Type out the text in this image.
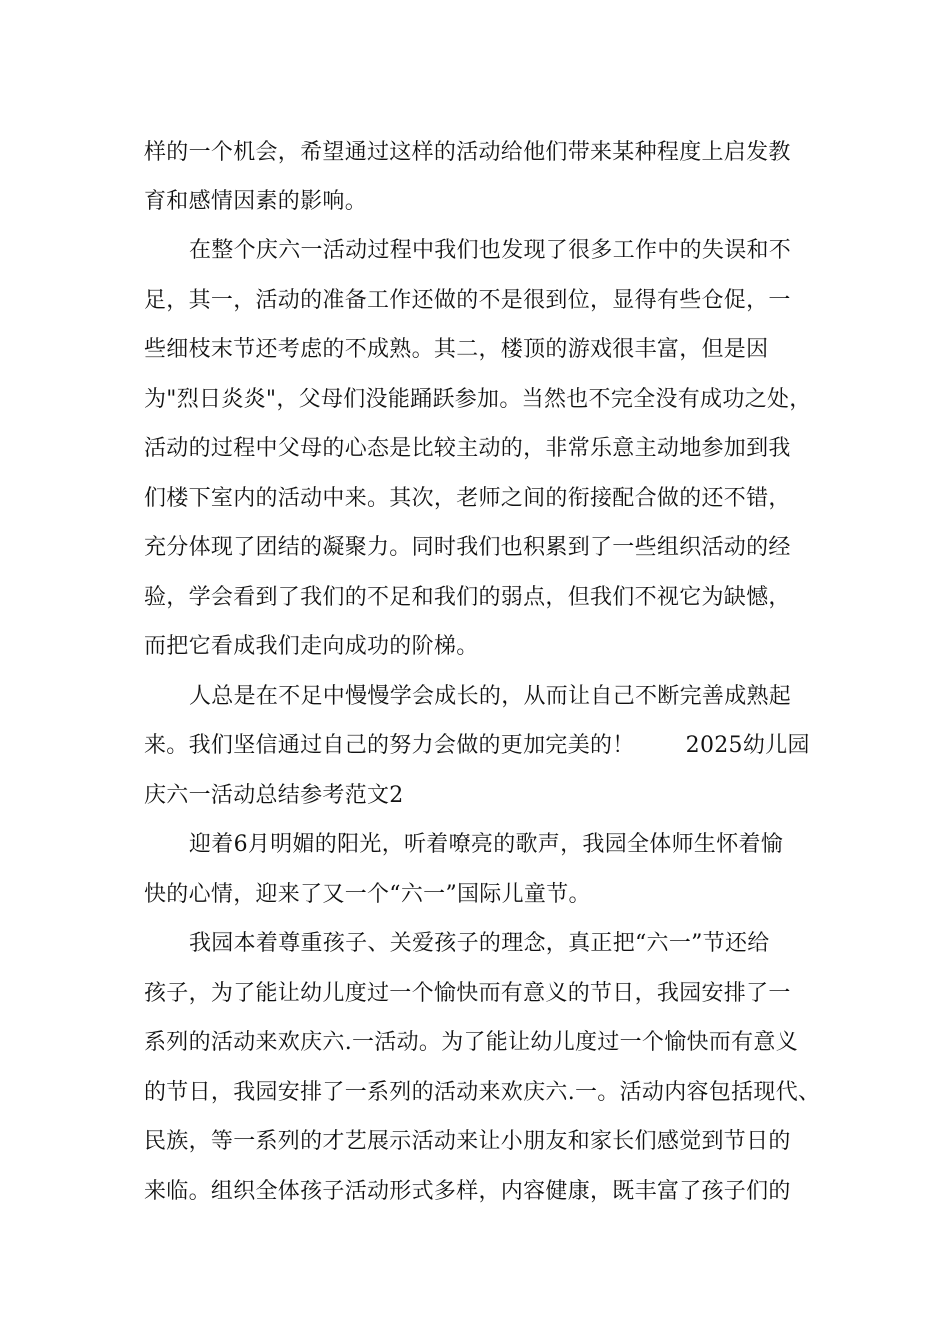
样的一个机会，希望通过这样的活动给他们带来某种程度上启发教
育和感情因素的影响。
在整个庆六一活动过程中我们也发现了很多工作中的失误和不
足，其一，活动的准备工作还做的不是很到位，显得有些仓促，一
些细枝末节还考虑的不成熟。其二，楼顶的游戏很丰富，但是因
为"烈日炎炎"，父母们没能踊跃参加。当然也不完全没有成功之处，
活动的过程中父母的心态是比较主动的，非常乐意主动地参加到我
们楼下室内的活动中来。其次，老师之间的衔接配合做的还不错，
充分体现了团结的凝聚力。同时我们也积累到了一些组织活动的经
验，学会看到了我们的不足和我们的弱点，但我们不视它为缺憾，
而把它看成我们走向成功的阶梯。
人总是在不足中慢慢学会成长的，从而让自己不断完善成熟起
来。我们坚信通过自己的努力会做的更加完美的！       2025幼儿园
庆六一活动总结参考范文2
迎着6月明媚的阳光，听着嘹亮的歌声，我园全体师生怀着愉
快的心情，迎来了又一个“六一”国际儿童节。
我园本着尊重孩子、关爱孩子的理念，真正把“六一”节还给
孩子，为了能让幼儿度过一个愉快而有意义的节日，我园安排了一
系列的活动来欢庆六.一活动。为了能让幼儿度过一个愉快而有意义
的节日，我园安排了一系列的活动来欢庆六.一。活动内容包括现代、
民族，等一系列的才艺展示活动来让小朋友和家长们感觉到节日的
来临。组织全体孩子活动形式多样，内容健康，既丰富了孩子们的
